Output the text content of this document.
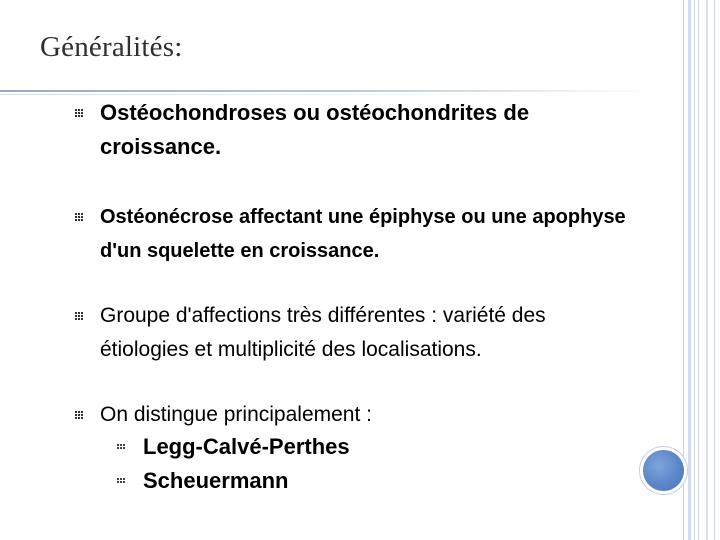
Généralités:
Ostéochondroses ou ostéochondrites de croissance.
Ostéonécrose affectant une épiphyse ou une apophyse d'un squelette en croissance.
Groupe d'affections très différentes : variété des étiologies et multiplicité des localisations.
On distingue principalement :
Legg-Calvé-Perthes
Scheuermann
